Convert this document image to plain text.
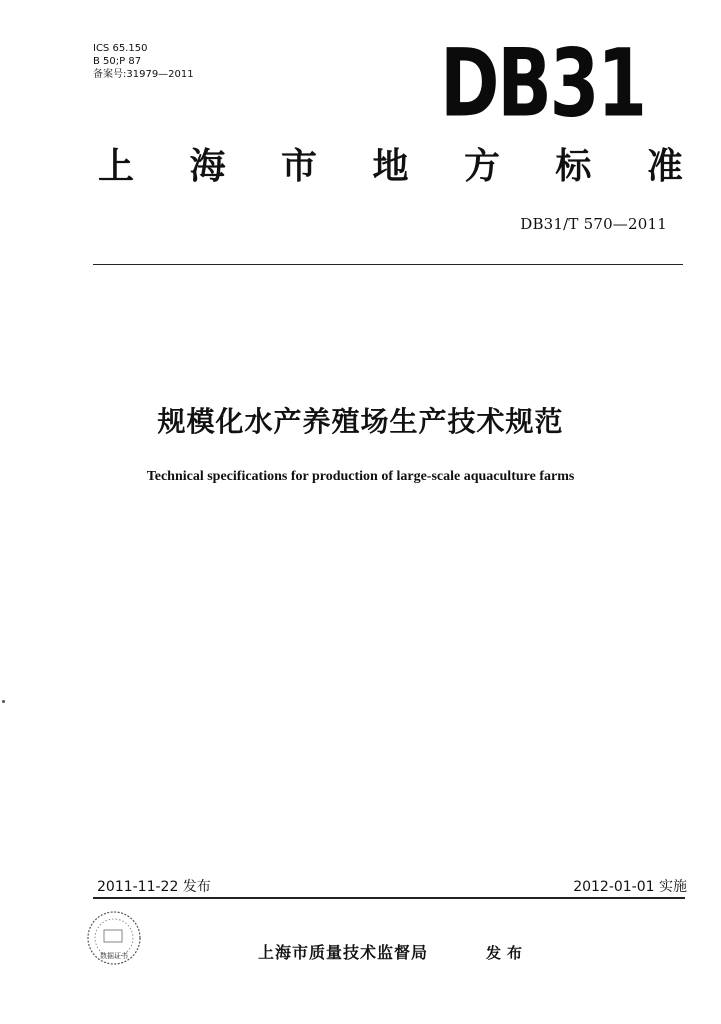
ICS 65.150
B 50;P 87
备案号:31979—2011	DB31
上 海 市 地 方 标 准
DB31/T 570—2011
规模化水产养殖场生产技术规范
Technical specifications for production of large-scale aquaculture farms
2011-11-22 发布	2012-01-01 实施
数据证书	上海市质量技术监督局	发布
